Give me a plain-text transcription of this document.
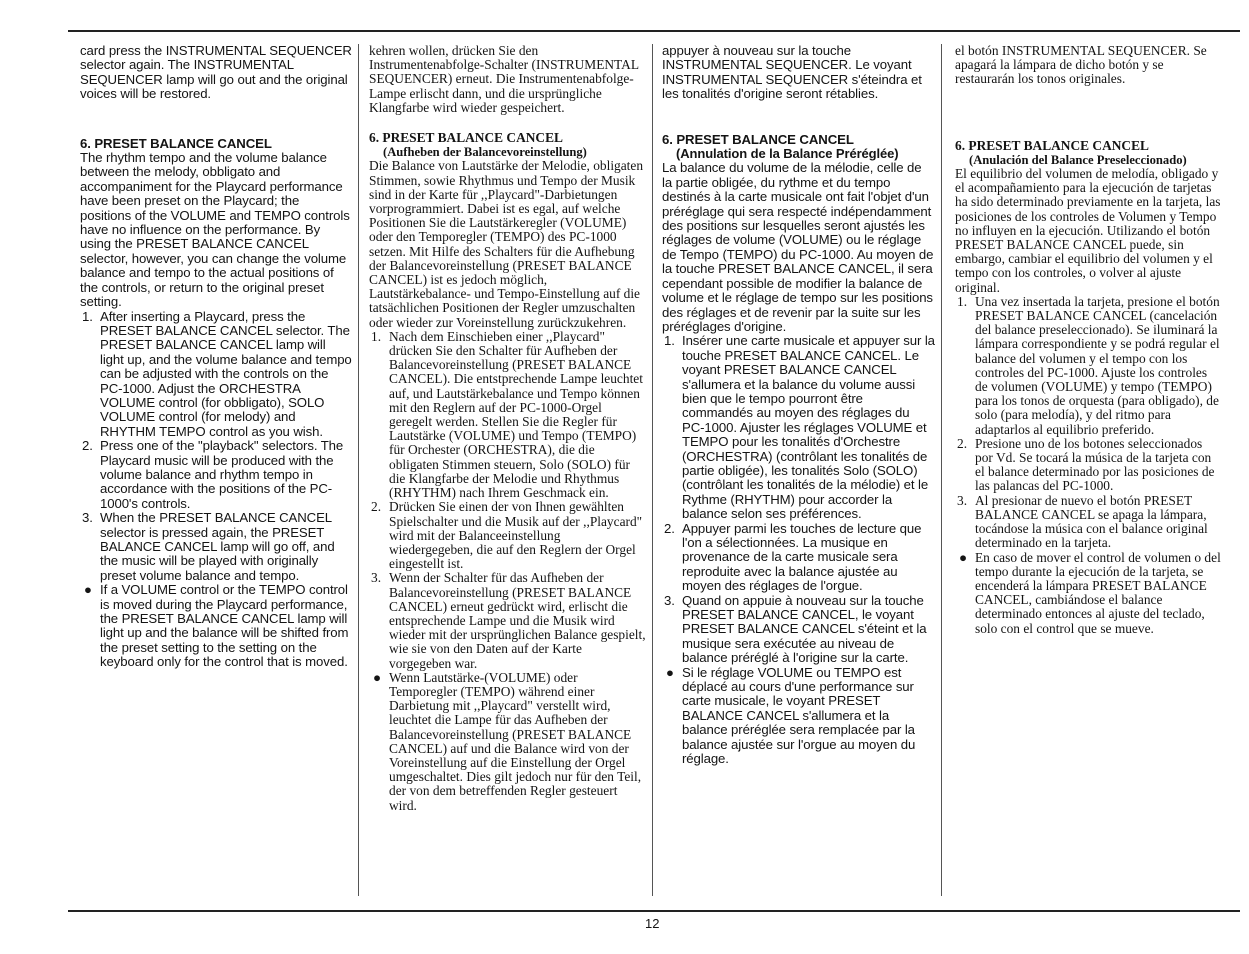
card press the INSTRUMENTAL SEQUENCER selector again. The INSTRUMENTAL SEQUENCER lamp will go out and the original voices will be restored.

6. PRESET BALANCE CANCEL

The rhythm tempo and the volume balance between the melody, obbligato and accompaniment for the Playcard performance have been preset on the Playcard; the positions of the VOLUME and TEMPO controls have no influence on the performance. By using the PRESET BALANCE CANCEL selector, however, you can change the volume balance and tempo to the actual positions of the controls, or return to the original preset setting.

1. After inserting a Playcard, press the PRESET BALANCE CANCEL selector. The PRESET BALANCE CANCEL lamp will light up, and the volume balance and tempo can be adjusted with the controls on the PC-1000. Adjust the ORCHESTRA VOLUME control (for obbligato), SOLO VOLUME control (for melody) and RHYTHM TEMPO control as you wish.
2. Press one of the "playback" selectors. The Playcard music will be produced with the volume balance and rhythm tempo in accordance with the positions of the PC-1000's controls.
3. When the PRESET BALANCE CANCEL selector is pressed again, the PRESET BALANCE CANCEL lamp will go off, and the music will be played with originally preset volume balance and tempo.
● If a VOLUME control or the TEMPO control is moved during the Playcard performance, the PRESET BALANCE CANCEL lamp will light up and the balance will be shifted from the preset setting to the setting on the keyboard only for the control that is moved.

kehren wollen, drücken Sie den Instrumentenabfolge-Schalter (INSTRUMENTAL SEQUENCER) erneut. Die Instrumentenabfolge-Lampe erlischt dann, und die ursprüngliche Klangfarbe wird wieder gespeichert.

6. PRESET BALANCE CANCEL
(Aufheben der Balancevoreinstellung)

Die Balance von Lautstärke der Melodie, obligaten Stimmen, sowie Rhythmus und Tempo der Musik sind in der Karte für ,,Playcard"-Darbietungen vorprogrammiert. Dabei ist es egal, auf welche Positionen Sie die Lautstärkeregler (VOLUME) oder den Temporegler (TEMPO) des PC-1000 setzen. Mit Hilfe des Schalters für die Aufhebung der Balancevoreinstellung (PRESET BALANCE CANCEL) ist es jedoch möglich, Lautstärkebalance- und Tempo-Einstellung auf die tatsächlichen Positionen der Regler umzuschalten oder wieder zur Voreinstellung zurückzukehren.

1. Nach dem Einschieben einer ,,Playcard" drücken Sie den Schalter für Aufheben der Balancevoreinstellung (PRESET BALANCE CANCEL). Die entstprechende Lampe leuchtet auf, und Lautstärkebalance und Tempo können mit den Reglern auf der PC-1000-Orgel geregelt werden. Stellen Sie die Regler für Lautstärke (VOLUME) und Tempo (TEMPO) für Orchester (ORCHESTRA), die die obligaten Stimmen steuern, Solo (SOLO) für die Klangfarbe der Melodie und Rhythmus (RHYTHM) nach Ihrem Geschmack ein.
2. Drücken Sie einen der von Ihnen gewählten Spielschalter und die Musik auf der ,,Playcard" wird mit der Balanceeinstellung wiedergegeben, die auf den Reglern der Orgel eingestellt ist.
3. Wenn der Schalter für das Aufheben der Balancevoreinstellung (PRESET BALANCE CANCEL) erneut gedrückt wird, erlischt die entsprechende Lampe und die Musik wird wieder mit der ursprünglichen Balance gespielt, wie sie von den Daten auf der Karte vorgegeben war.
● Wenn Lautstärke-(VOLUME) oder Temporegler (TEMPO) während einer Darbietung mit ,,Playcard" verstellt wird, leuchtet die Lampe für das Aufheben der Balancevoreinstellung (PRESET BALANCE CANCEL) auf und die Balance wird von der Voreinstellung auf die Einstellung der Orgel umgeschaltet. Dies gilt jedoch nur für den Teil, der von dem betreffenden Regler gesteuert wird.

appuyer à nouveau sur la touche INSTRUMENTAL SEQUENCER. Le voyant INSTRUMENTAL SEQUENCER s'éteindra et les tonalités d'origine seront rétablies.

6. PRESET BALANCE CANCEL
(Annulation de la Balance Préréglée)

La balance du volume de la mélodie, celle de la partie obligée, du rythme et du tempo destinés à la carte musicale ont fait l'objet d'un préréglage qui sera respecté indépendamment des positions sur lesquelles seront ajustés les réglages de volume (VOLUME) ou le réglage de Tempo (TEMPO) du PC-1000. Au moyen de la touche PRESET BALANCE CANCEL, il sera cependant possible de modifier la balance de volume et le réglage de tempo sur les positions des réglages et de revenir par la suite sur les préréglages d'origine.

1. Insérer une carte musicale et appuyer sur la touche PRESET BALANCE CANCEL. Le voyant PRESET BALANCE CANCEL s'allumera et la balance du volume aussi bien que le tempo pourront être commandés au moyen des réglages du PC-1000. Ajuster les réglages VOLUME et TEMPO pour les tonalités d'Orchestre (ORCHESTRA) (contrôlant les tonalités de partie obligée), les tonalités Solo (SOLO) (contrôlant les tonalités de la mélodie) et le Rythme (RHYTHM) pour accorder la balance selon ses préférences.
2. Appuyer parmi les touches de lecture que l'on a sélectionnées. La musique en provenance de la carte musicale sera reproduite avec la balance ajustée au moyen des réglages de l'orgue.
3. Quand on appuie à nouveau sur la touche PRESET BALANCE CANCEL, le voyant PRESET BALANCE CANCEL s'éteint et la musique sera exécutée au niveau de balance préréglé à l'origine sur la carte.
● Si le réglage VOLUME ou TEMPO est déplacé au cours d'une performance sur carte musicale, le voyant PRESET BALANCE CANCEL s'allumera et la balance préréglée sera remplacée par la balance ajustée sur l'orgue au moyen du réglage.

el botón INSTRUMENTAL SEQUENCER. Se apagará la lámpara de dicho botón y se restaurarán los tonos originales.

6. PRESET BALANCE CANCEL
(Anulación del Balance Preseleccionado)

El equilibrio del volumen de melodía, obligado y el acompañamiento para la ejecución de tarjetas ha sido determinado previamente en la tarjeta, las posiciones de los controles de Volumen y Tempo no influyen en la ejecución. Utilizando el botón PRESET BALANCE CANCEL puede, sin embargo, cambiar el equilibrio del volumen y el tempo con los controles, o volver al ajuste original.

1. Una vez insertada la tarjeta, presione el botón PRESET BALANCE CANCEL (cancelación del balance preseleccionado). Se iluminará la lámpara correspondiente y se podrá regular el balance del volumen y el tempo con los controles del PC-1000. Ajuste los controles de volumen (VOLUME) y tempo (TEMPO) para los tonos de orquesta (para obligado), de solo (para melodía), y del ritmo para adaptarlos al equilibrio preferido.
2. Presione uno de los botones seleccionados por Vd. Se tocará la música de la tarjeta con el balance determinado por las posiciones de las palancas del PC-1000.
3. Al presionar de nuevo el botón PRESET BALANCE CANCEL se apaga la lámpara, tocándose la música con el balance original determinado en la tarjeta.
● En caso de mover el control de volumen o del tempo durante la ejecución de la tarjeta, se encenderá la lámpara PRESET BALANCE CANCEL, cambiándose el balance determinado entonces al ajuste del teclado, solo con el control que se mueve.
12
